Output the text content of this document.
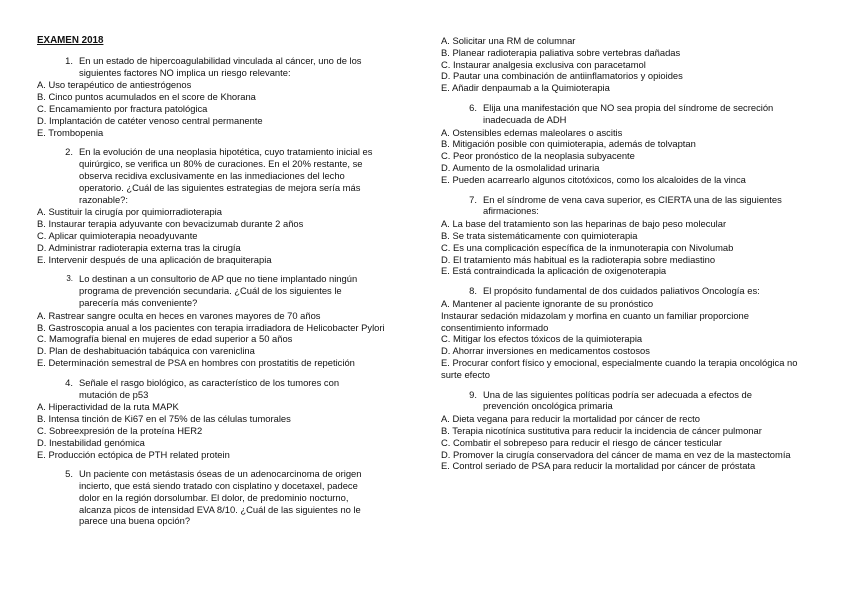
EXAMEN 2018
1. En un estado de hipercoagulabilidad vinculada al cáncer, uno de los siguientes factores NO implica un riesgo relevante:
A. Uso terapéutico de antiestrógenos
B. Cinco puntos acumulados en el score de Khorana
C. Encamamiento por fractura patológica
D. Implantación de catéter venoso central permanente
E. Trombopenia
2. En la evolución de una neoplasia hipotética, cuyo tratamiento inicial es quirúrgico, se verifica un 80% de curaciones. En el 20% restante, se observa recidiva exclusivamente en las inmediaciones del lecho operatorio. ¿Cuál de las siguientes estrategias de mejora sería más razonable?:
A. Sustituir la cirugía por quimiorradioterapia
B. Instaurar terapia adyuvante con bevacizumab durante 2 años
C. Aplicar quimioterapia neoadyuvante
D. Administrar radioterapia externa tras la cirugía
E. Intervenir después de una aplicación de braquiterapia
3. Lo destinan a un consultorio de AP que no tiene implantado ningún programa de prevención secundaria. ¿Cuál de los siguientes le parecería más conveniente?
A. Rastrear sangre oculta en heces en varones mayores de 70 años
B. Gastroscopia anual a los pacientes con terapia irradiadora de Helicobacter Pylori
C. Mamografía bienal en mujeres de edad superior a 50 años
D. Plan de deshabituación tabáquica con vareniclina
E. Determinación semestral de PSA en hombres con prostatitis de repetición
4. Señale el rasgo biológico, as característico de los tumores con mutación de p53
A. Hiperactividad de la ruta MAPK
B. Intensa tinción de Ki67 en el 75% de las células tumorales
C. Sobreexpresión de la proteína HER2
D. Inestabilidad genómica
E. Producción ectópica de PTH related protein
5. Un paciente con metástasis óseas de un adenocarcinoma de origen incierto, que está siendo tratado con cisplatino y docetaxel, padece dolor en la región dorsolumbar. El dolor, de predominio nocturno, alcanza picos de intensidad EVA 8/10. ¿Cuál de las siguientes no le parece una buena opción?
A. Solicitar una RM de columnar
B. Planear radioterapia paliativa sobre vertebras dañadas
C. Instaurar analgesia exclusiva con paracetamol
D. Pautar una combinación de antiinflamatorios y opioides
E. Añadir denpaumab a la Quimioterapia
6. Elija una manifestación que NO sea propia del síndrome de secreción inadecuada de ADH
A. Ostensibles edemas maleolares o ascitis
B. Mitigación posible con quimioterapia, además de tolvaptan
C. Peor pronóstico de la neoplasia subyacente
D. Aumento de la osmolalidad urinaria
E. Pueden acarrearlo algunos citotóxicos, como los alcaloides de la vinca
7. En el síndrome de vena cava superior, es CIERTA una de las siguientes afirmaciones:
A. La base del tratamiento son las heparinas de bajo peso molecular
B. Se trata sistemáticamente con quimioterapia
C. Es una complicación específica de la inmunoterapia con Nivolumab
D. El tratamiento más habitual es la radioterapia sobre mediastino
E. Está contraindicada la aplicación de oxigenoterapia
8. El propósito fundamental de dos cuidados paliativos Oncología es:
A. Mantener al paciente ignorante de su pronóstico
Instaurar sedación midazolam y morfina en cuanto un familiar proporcione consentimiento informado
C. Mitigar los efectos tóxicos de la quimioterapia
D. Ahorrar inversiones en medicamentos costosos
E. Procurar confort físico y emocional, especialmente cuando la terapia oncológica no surte efecto
9. Una de las siguientes políticas podría ser adecuada a efectos de prevención oncológica primaria
A. Dieta vegana para reducir la mortalidad por cáncer de recto
B. Terapia nicotínica sustitutiva para reducir la incidencia de cáncer pulmonar
C. Combatir el sobrepeso para reducir el riesgo de cáncer testicular
D. Promover la cirugía conservadora del cáncer de mama en vez de la mastectomía
E. Control seriado de PSA para reducir la mortalidad por cáncer de próstata
